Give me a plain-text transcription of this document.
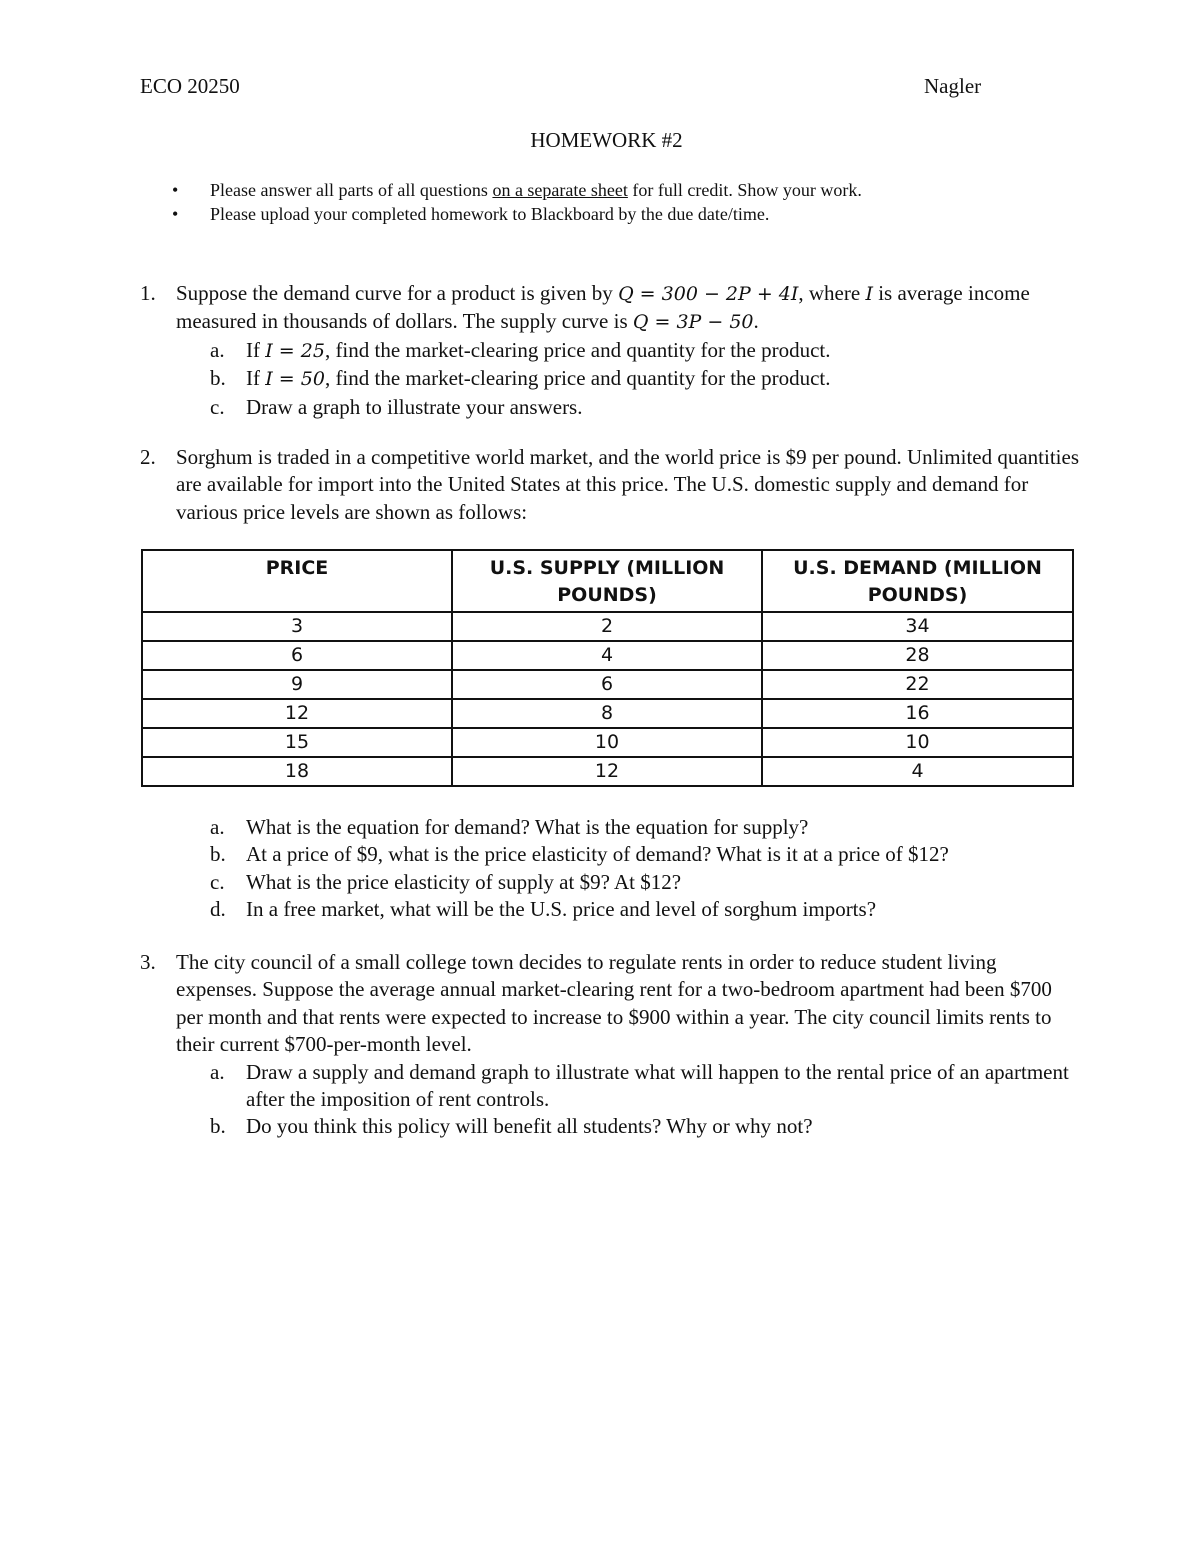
ECO 20250	Nagler
HOMEWORK #2
• Please answer all parts of all questions on a separate sheet for full credit. Show your work.
• Please upload your completed homework to Blackboard by the due date/time.
1. Suppose the demand curve for a product is given by Q = 300 − 2P + 4I, where I is average income measured in thousands of dollars. The supply curve is Q = 3P − 50.
a. If I = 25, find the market-clearing price and quantity for the product.
b. If I = 50, find the market-clearing price and quantity for the product.
c. Draw a graph to illustrate your answers.
2. Sorghum is traded in a competitive world market, and the world price is $9 per pound. Unlimited quantities are available for import into the United States at this price. The U.S. domestic supply and demand for various price levels are shown as follows:
PRICE	U.S. SUPPLY (MILLION POUNDS)	U.S. DEMAND (MILLION POUNDS)
3	2	34
6	4	28
9	6	22
12	8	16
15	10	10
18	12	4
a. What is the equation for demand? What is the equation for supply?
b. At a price of $9, what is the price elasticity of demand? What is it at a price of $12?
c. What is the price elasticity of supply at $9? At $12?
d. In a free market, what will be the U.S. price and level of sorghum imports?
3. The city council of a small college town decides to regulate rents in order to reduce student living expenses. Suppose the average annual market-clearing rent for a two-bedroom apartment had been $700 per month and that rents were expected to increase to $900 within a year. The city council limits rents to their current $700-per-month level.
a. Draw a supply and demand graph to illustrate what will happen to the rental price of an apartment after the imposition of rent controls.
b. Do you think this policy will benefit all students? Why or why not?
